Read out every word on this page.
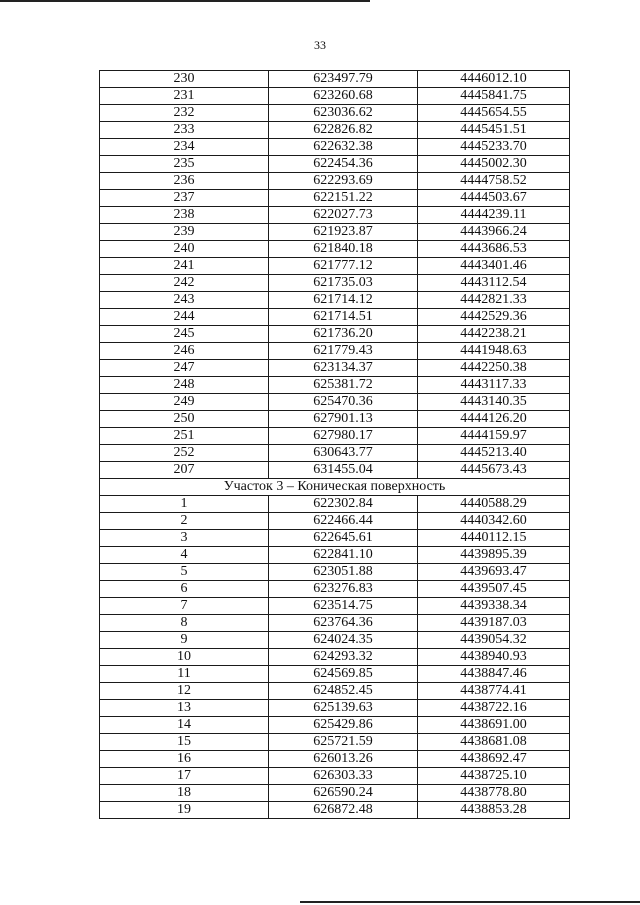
33
230	623497.79	4446012.10
231	623260.68	4445841.75
232	623036.62	4445654.55
233	622826.82	4445451.51
234	622632.38	4445233.70
235	622454.36	4445002.30
236	622293.69	4444758.52
237	622151.22	4444503.67
238	622027.73	4444239.11
239	621923.87	4443966.24
240	621840.18	4443686.53
241	621777.12	4443401.46
242	621735.03	4443112.54
243	621714.12	4442821.33
244	621714.51	4442529.36
245	621736.20	4442238.21
246	621779.43	4441948.63
247	623134.37	4442250.38
248	625381.72	4443117.33
249	625470.36	4443140.35
250	627901.13	4444126.20
251	627980.17	4444159.97
252	630643.77	4445213.40
207	631455.04	4445673.43
Участок 3 – Коническая поверхность		
1	622302.84	4440588.29
2	622466.44	4440342.60
3	622645.61	4440112.15
4	622841.10	4439895.39
5	623051.88	4439693.47
6	623276.83	4439507.45
7	623514.75	4439338.34
8	623764.36	4439187.03
9	624024.35	4439054.32
10	624293.32	4438940.93
11	624569.85	4438847.46
12	624852.45	4438774.41
13	625139.63	4438722.16
14	625429.86	4438691.00
15	625721.59	4438681.08
16	626013.26	4438692.47
17	626303.33	4438725.10
18	626590.24	4438778.80
19	626872.48	4438853.28
